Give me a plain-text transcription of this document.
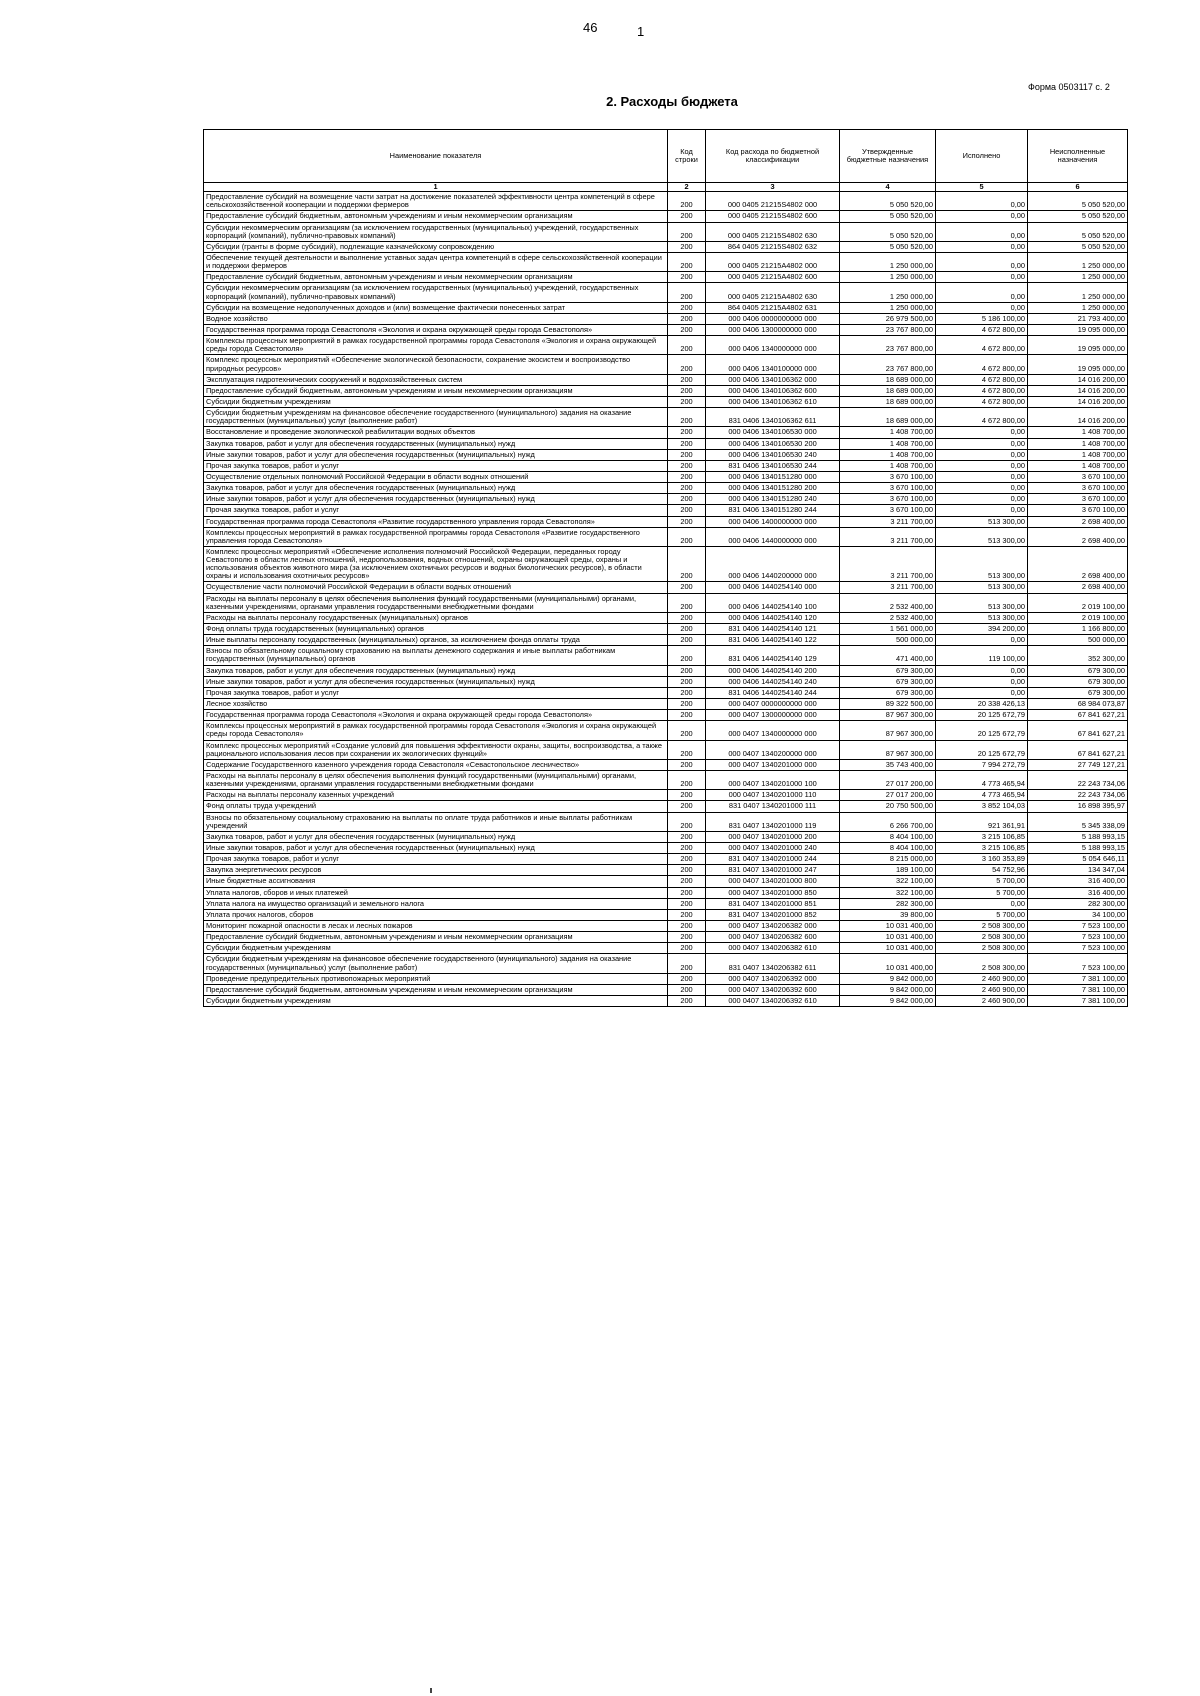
46	1
Форма 0503117 с. 2
2. Расходы бюджета
Наименование показателя	Код строки	Код расхода по бюджетной классификации	Утвержденные бюджетные назначения	Исполнено	Неисполненные назначения
1	2	3	4	5	6
Предоставление субсидий на возмещение части затрат на достижение показателей эффективности центра компетенций в сфере сельскохозяйственной кооперации и поддержки фермеров	200	000 0405 21215S4802 000	5 050 520,00	0,00	5 050 520,00
Предоставление субсидий бюджетным, автономным учреждениям и иным некоммерческим организациям	200	000 0405 21215S4802 600	5 050 520,00	0,00	5 050 520,00
Субсидии некоммерческим организациям (за исключением государственных (муниципальных) учреждений, государственных корпораций (компаний), публично-правовых компаний)	200	000 0405 21215S4802 630	5 050 520,00	0,00	5 050 520,00
Субсидии (гранты в форме субсидий), подлежащие казначейскому сопровождению	200	864 0405 21215S4802 632	5 050 520,00	0,00	5 050 520,00
Обеспечение текущей деятельности и выполнение уставных задач центра компетенций в сфере сельскохозяйственной кооперации и поддержки фермеров	200	000 0405 21215A4802 000	1 250 000,00	0,00	1 250 000,00
Предоставление субсидий бюджетным, автономным учреждениям и иным некоммерческим организациям	200	000 0405 21215A4802 600	1 250 000,00	0,00	1 250 000,00
Субсидии некоммерческим организациям (за исключением государственных (муниципальных) учреждений, государственных корпораций (компаний), публично-правовых компаний)	200	000 0405 21215A4802 630	1 250 000,00	0,00	1 250 000,00
Субсидии на возмещение недополученных доходов и (или) возмещение фактически понесенных затрат	200	864 0405 21215A4802 631	1 250 000,00	0,00	1 250 000,00
Водное хозяйство	200	000 0406 0000000000 000	26 979 500,00	5 186 100,00	21 793 400,00
Государственная программа города Севастополя «Экология и охрана окружающей среды города Севастополя»	200	000 0406 1300000000 000	23 767 800,00	4 672 800,00	19 095 000,00
Комплексы процессных мероприятий в рамках государственной программы города Севастополя «Экология и охрана окружающей среды города Севастополя»	200	000 0406 1340000000 000	23 767 800,00	4 672 800,00	19 095 000,00
Комплекс процессных мероприятий «Обеспечение экологической безопасности, сохранение экосистем и воспроизводство природных ресурсов»	200	000 0406 1340100000 000	23 767 800,00	4 672 800,00	19 095 000,00
Эксплуатация гидротехнических сооружений и водохозяйственных систем	200	000 0406 1340106362 000	18 689 000,00	4 672 800,00	14 016 200,00
Предоставление субсидий бюджетным, автономным учреждениям и иным некоммерческим организациям	200	000 0406 1340106362 600	18 689 000,00	4 672 800,00	14 016 200,00
Субсидии бюджетным учреждениям	200	000 0406 1340106362 610	18 689 000,00	4 672 800,00	14 016 200,00
Субсидии бюджетным учреждениям на финансовое обеспечение государственного (муниципального) задания на оказание государственных (муниципальных) услуг (выполнение работ)	200	831 0406 1340106362 611	18 689 000,00	4 672 800,00	14 016 200,00
Восстановление и проведение экологической реабилитации водных объектов	200	000 0406 1340106530 000	1 408 700,00	0,00	1 408 700,00
Закупка товаров, работ и услуг для обеспечения государственных (муниципальных) нужд	200	000 0406 1340106530 200	1 408 700,00	0,00	1 408 700,00
Иные закупки товаров, работ и услуг для обеспечения государственных (муниципальных) нужд	200	000 0406 1340106530 240	1 408 700,00	0,00	1 408 700,00
Прочая закупка товаров, работ и услуг	200	831 0406 1340106530 244	1 408 700,00	0,00	1 408 700,00
Осуществление отдельных полномочий Российской Федерации в области водных отношений	200	000 0406 1340151280 000	3 670 100,00	0,00	3 670 100,00
Закупка товаров, работ и услуг для обеспечения государственных (муниципальных) нужд	200	000 0406 1340151280 200	3 670 100,00	0,00	3 670 100,00
Иные закупки товаров, работ и услуг для обеспечения государственных (муниципальных) нужд	200	000 0406 1340151280 240	3 670 100,00	0,00	3 670 100,00
Прочая закупка товаров, работ и услуг	200	831 0406 1340151280 244	3 670 100,00	0,00	3 670 100,00
Государственная программа города Севастополя «Развитие государственного управления города Севастополя»	200	000 0406 1400000000 000	3 211 700,00	513 300,00	2 698 400,00
Комплексы процессных мероприятий в рамках государственной программы города Севастополя «Развитие государственного управления города Севастополя»	200	000 0406 1440000000 000	3 211 700,00	513 300,00	2 698 400,00
Комплекс процессных мероприятий «Обеспечение исполнения полномочий Российской Федерации, переданных городу Севастополю в области лесных отношений, недропользования, водных отношений, охраны окружающей среды, охраны и использования объектов животного мира (за исключением охотничьих ресурсов и водных биологических ресурсов), в области охраны и использования охотничьих ресурсов»	200	000 0406 1440200000 000	3 211 700,00	513 300,00	2 698 400,00
Осуществление части полномочий Российской Федерации в области водных отношений	200	000 0406 1440254140 000	3 211 700,00	513 300,00	2 698 400,00
Расходы на выплаты персоналу в целях обеспечения выполнения функций государственными (муниципальными) органами, казенными учреждениями, органами управления государственными внебюджетными фондами	200	000 0406 1440254140 100	2 532 400,00	513 300,00	2 019 100,00
Расходы на выплаты персоналу государственных (муниципальных) органов	200	000 0406 1440254140 120	2 532 400,00	513 300,00	2 019 100,00
Фонд оплаты труда государственных (муниципальных) органов	200	831 0406 1440254140 121	1 561 000,00	394 200,00	1 166 800,00
Иные выплаты персоналу государственных (муниципальных) органов, за исключением фонда оплаты труда	200	831 0406 1440254140 122	500 000,00	0,00	500 000,00
Взносы по обязательному социальному страхованию на выплаты денежного содержания и иные выплаты работникам государственных (муниципальных) органов	200	831 0406 1440254140 129	471 400,00	119 100,00	352 300,00
Закупка товаров, работ и услуг для обеспечения государственных (муниципальных) нужд	200	000 0406 1440254140 200	679 300,00	0,00	679 300,00
Иные закупки товаров, работ и услуг для обеспечения государственных (муниципальных) нужд	200	000 0406 1440254140 240	679 300,00	0,00	679 300,00
Прочая закупка товаров, работ и услуг	200	831 0406 1440254140 244	679 300,00	0,00	679 300,00
Лесное хозяйство	200	000 0407 0000000000 000	89 322 500,00	20 338 426,13	68 984 073,87
Государственная программа города Севастополя «Экология и охрана окружающей среды города Севастополя»	200	000 0407 1300000000 000	87 967 300,00	20 125 672,79	67 841 627,21
Комплексы процессных мероприятий в рамках государственной программы города Севастополя «Экология и охрана окружающей среды города Севастополя»	200	000 0407 1340000000 000	87 967 300,00	20 125 672,79	67 841 627,21
Комплекс процессных мероприятий «Создание условий для повышения эффективности охраны, защиты, воспроизводства, а также рационального использования лесов при сохранении их экологических функций»	200	000 0407 1340200000 000	87 967 300,00	20 125 672,79	67 841 627,21
Содержание Государственного казенного учреждения города Севастополя «Севастопольское лесничество»	200	000 0407 1340201000 000	35 743 400,00	7 994 272,79	27 749 127,21
Расходы на выплаты персоналу в целях обеспечения выполнения функций государственными (муниципальными) органами, казенными учреждениями, органами управления государственными внебюджетными фондами	200	000 0407 1340201000 100	27 017 200,00	4 773 465,94	22 243 734,06
Расходы на выплаты персоналу казенных учреждений	200	000 0407 1340201000 110	27 017 200,00	4 773 465,94	22 243 734,06
Фонд оплаты труда учреждений	200	831 0407 1340201000 111	20 750 500,00	3 852 104,03	16 898 395,97
Взносы по обязательному социальному страхованию на выплаты по оплате труда работников и иные выплаты работникам учреждений	200	831 0407 1340201000 119	6 266 700,00	921 361,91	5 345 338,09
Закупка товаров, работ и услуг для обеспечения государственных (муниципальных) нужд	200	000 0407 1340201000 200	8 404 100,00	3 215 106,85	5 188 993,15
Иные закупки товаров, работ и услуг для обеспечения государственных (муниципальных) нужд	200	000 0407 1340201000 240	8 404 100,00	3 215 106,85	5 188 993,15
Прочая закупка товаров, работ и услуг	200	831 0407 1340201000 244	8 215 000,00	3 160 353,89	5 054 646,11
Закупка энергетических ресурсов	200	831 0407 1340201000 247	189 100,00	54 752,96	134 347,04
Иные бюджетные ассигнования	200	000 0407 1340201000 800	322 100,00	5 700,00	316 400,00
Уплата налогов, сборов и иных платежей	200	000 0407 1340201000 850	322 100,00	5 700,00	316 400,00
Уплата налога на имущество организаций и земельного налога	200	831 0407 1340201000 851	282 300,00	0,00	282 300,00
Уплата прочих налогов, сборов	200	831 0407 1340201000 852	39 800,00	5 700,00	34 100,00
Мониторинг пожарной опасности в лесах и лесных пожаров	200	000 0407 1340206382 000	10 031 400,00	2 508 300,00	7 523 100,00
Предоставление субсидий бюджетным, автономным учреждениям и иным некоммерческим организациям	200	000 0407 1340206382 600	10 031 400,00	2 508 300,00	7 523 100,00
Субсидии бюджетным учреждениям	200	000 0407 1340206382 610	10 031 400,00	2 508 300,00	7 523 100,00
Субсидии бюджетным учреждениям на финансовое обеспечение государственного (муниципального) задания на оказание государственных (муниципальных) услуг (выполнение работ)	200	831 0407 1340206382 611	10 031 400,00	2 508 300,00	7 523 100,00
Проведение предупредительных противопожарных мероприятий	200	000 0407 1340206392 000	9 842 000,00	2 460 900,00	7 381 100,00
Предоставление субсидий бюджетным, автономным учреждениям и иным некоммерческим организациям	200	000 0407 1340206392 600	9 842 000,00	2 460 900,00	7 381 100,00
Субсидии бюджетным учреждениям	200	000 0407 1340206392 610	9 842 000,00	2 460 900,00	7 381 100,00
